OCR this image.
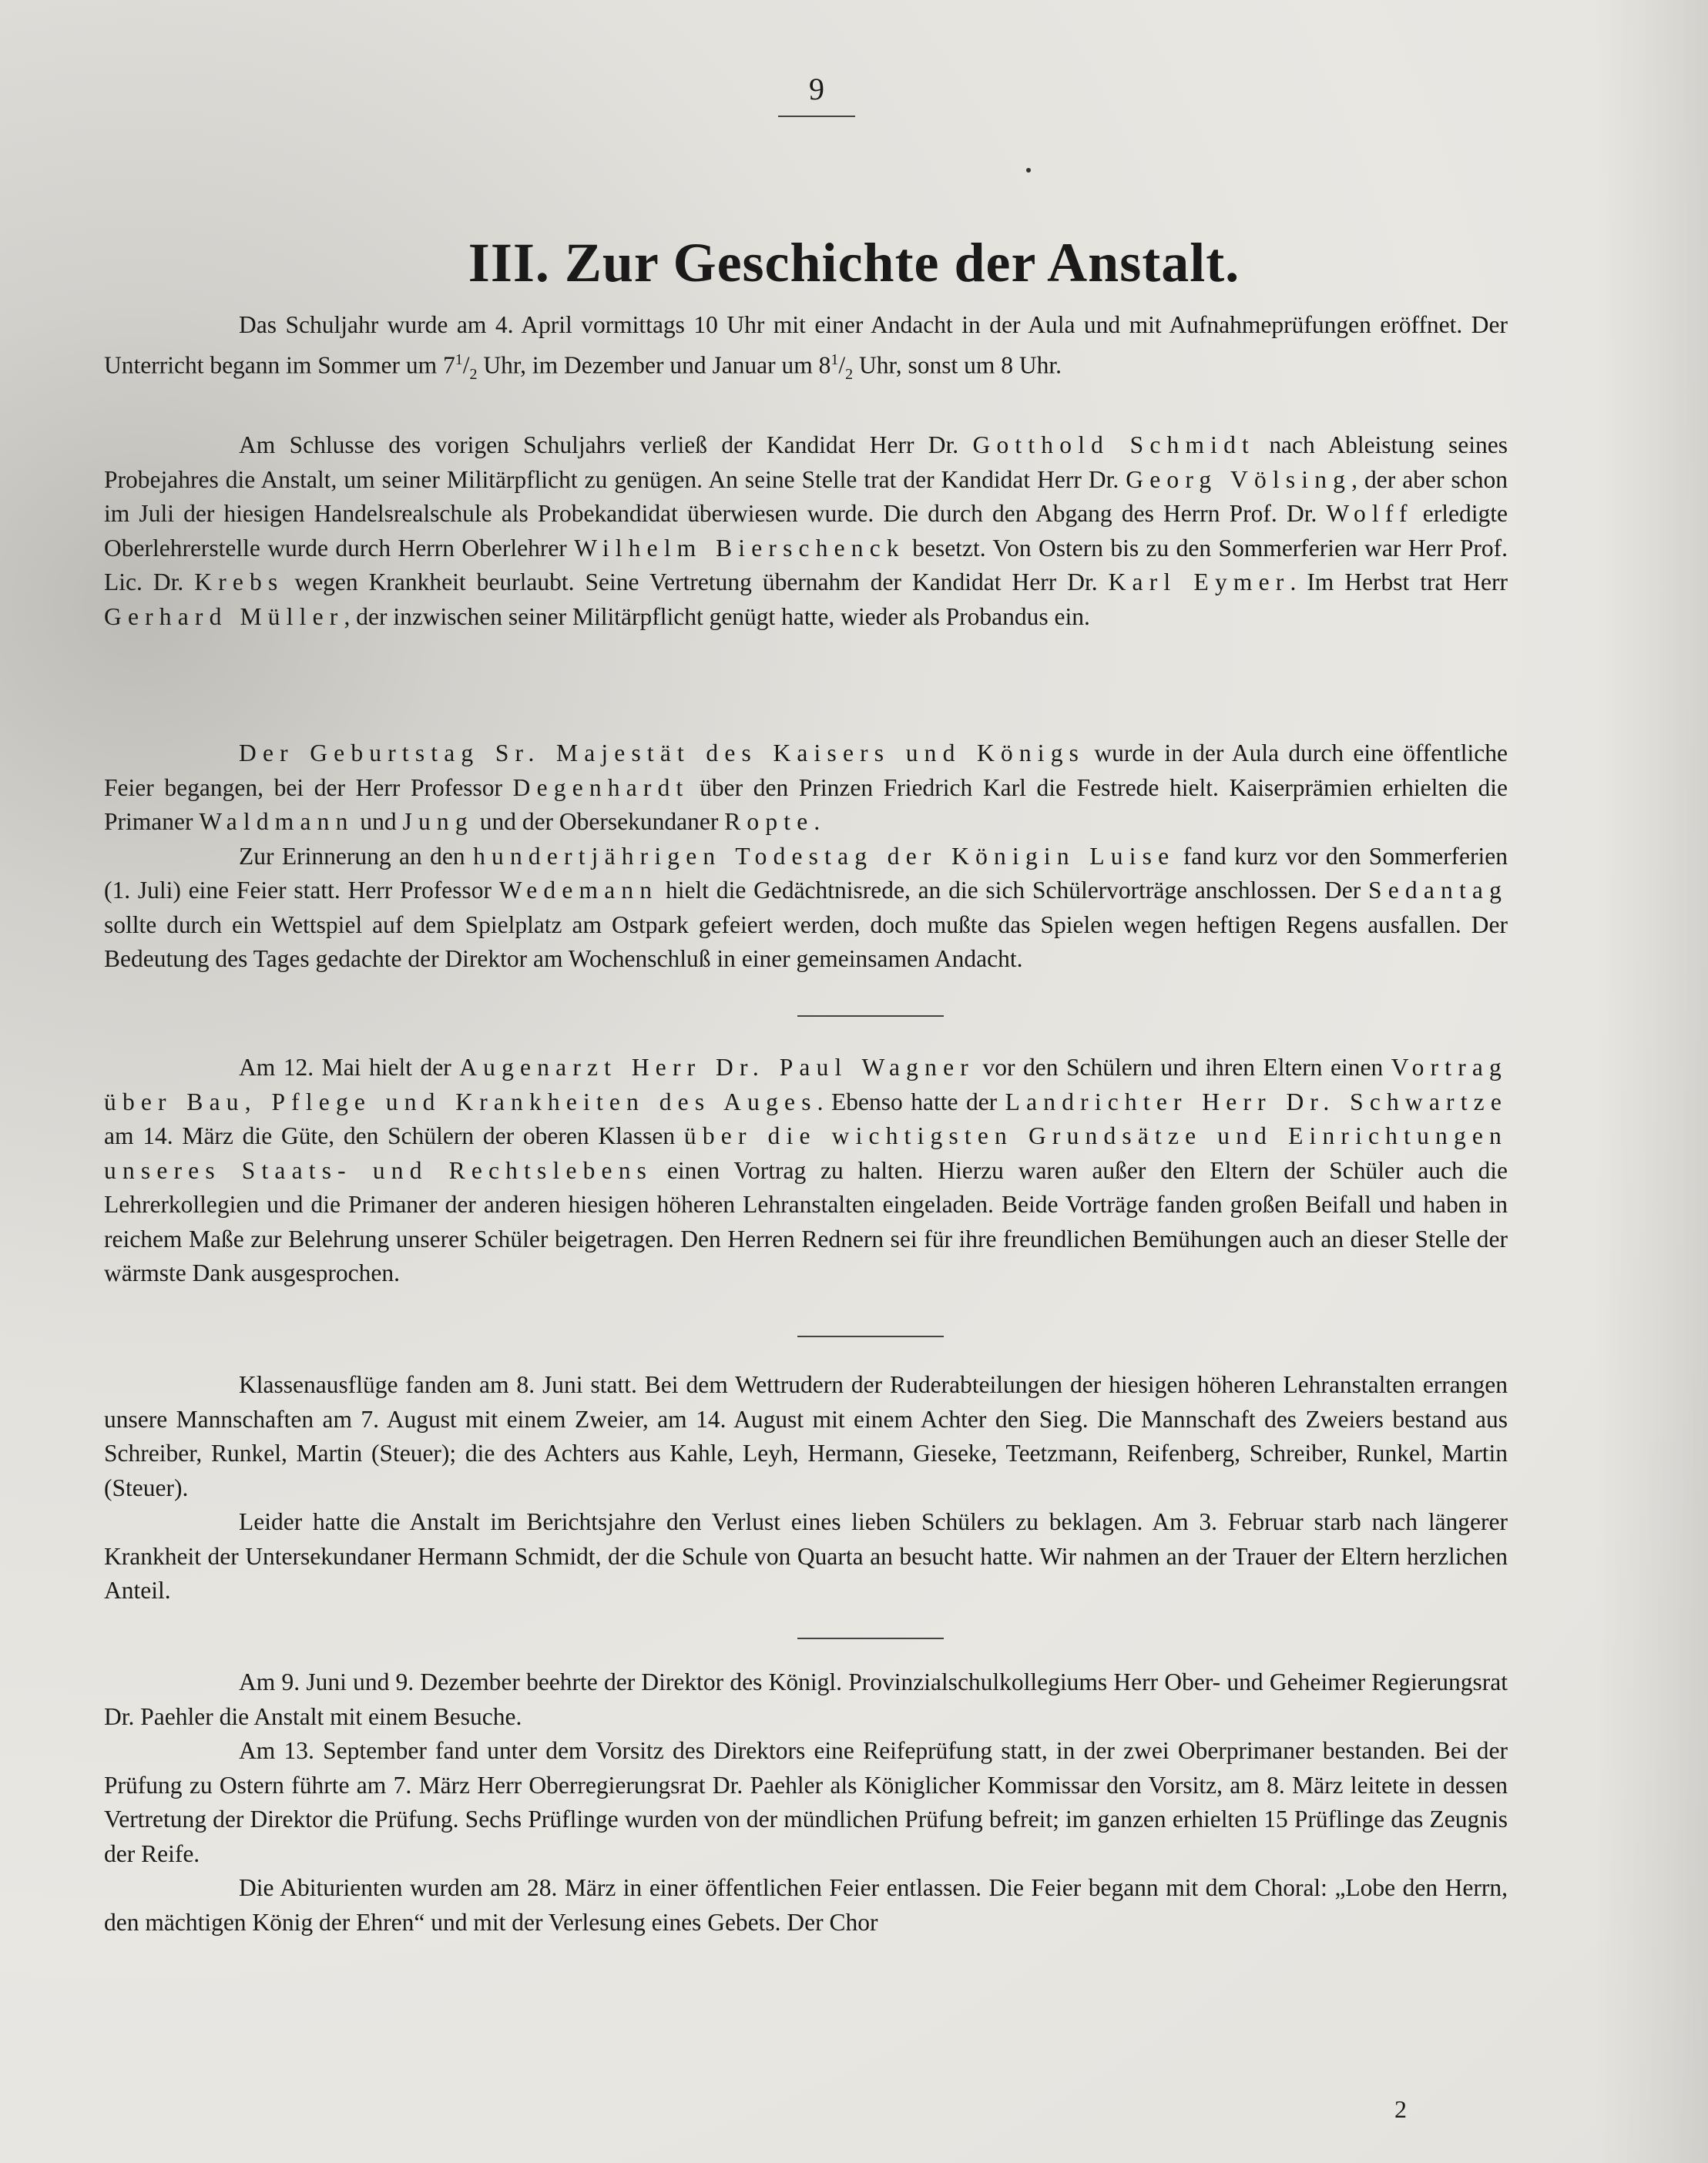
9
III. Zur Geschichte der Anstalt.

Das Schuljahr wurde am 4. April vormittags 10 Uhr mit einer Andacht in der Aula und mit Aufnahmeprüfungen eröffnet. Der Unterricht begann im Sommer um $7^1/_2$ Uhr, im Dezember und Januar um $8^1/_2$ Uhr, sonst um 8 Uhr.

Am Schlusse des vorigen Schuljahrs verließ der Kandidat Herr Dr. Gotthold Schmidt nach Ableistung seines Probejahres die Anstalt, um seiner Militärpflicht zu genügen. An seine Stelle trat der Kandidat Herr Dr. Georg Völsing, der aber schon im Juli der hiesigen Handelsrealschule als Probekandidat überwiesen wurde. Die durch den Abgang des Herrn Prof. Dr. Wolff erledigte Oberlehrerstelle wurde durch Herrn Oberlehrer Wilhelm Bierschenck besetzt. Von Ostern bis zu den Sommerferien war Herr Prof. Lic. Dr. Krebs wegen Krankheit beurlaubt. Seine Vertretung übernahm der Kandidat Herr Dr. Karl Eymer. Im Herbst trat Herr Gerhard Müller, der inzwischen seiner Militärpflicht genügt hatte, wieder als Probandus ein.

Der Geburtstag Sr. Majestät des Kaisers und Königs wurde in der Aula durch eine öffentliche Feier begangen, bei der Herr Professor Degenhardt über den Prinzen Friedrich Karl die Festrede hielt. Kaiserprämien erhielten die Primaner Waldmann und Jung und der Obersekundaner Ropte.

Zur Erinnerung an den hundertjährigen Todestag der Königin Luise fand kurz vor den Sommerferien (1. Juli) eine Feier statt. Herr Professor Wedemann hielt die Gedächtnisrede, an die sich Schülervorträge anschlossen. Der Sedantag sollte durch ein Wettspiel auf dem Spielplatz am Ostpark gefeiert werden, doch mußte das Spielen wegen heftigen Regens ausfallen. Der Bedeutung des Tages gedachte der Direktor am Wochenschluß in einer gemeinsamen Andacht.

Am 12. Mai hielt der Augenarzt Herr Dr. Paul Wagner vor den Schülern und ihren Eltern einen Vortrag über Bau, Pflege und Krankheiten des Auges. Ebenso hatte der Landrichter Herr Dr. Schwartze am 14. März die Güte, den Schülern der oberen Klassen über die wichtigsten Grundsätze und Einrichtungen unseres Staats- und Rechtslebens einen Vortrag zu halten. Hierzu waren außer den Eltern der Schüler auch die Lehrerkollegien und die Primaner der anderen hiesigen höheren Lehranstalten eingeladen. Beide Vorträge fanden großen Beifall und haben in reichem Maße zur Belehrung unserer Schüler beigetragen. Den Herren Rednern sei für ihre freundlichen Bemühungen auch an dieser Stelle der wärmste Dank ausgesprochen.

Klassenausflüge fanden am 8. Juni statt. Bei dem Wettrudern der Ruderabteilungen der hiesigen höheren Lehranstalten errangen unsere Mannschaften am 7. August mit einem Zweier, am 14. August mit einem Achter den Sieg. Die Mannschaft des Zweiers bestand aus Schreiber, Runkel, Martin (Steuer); die des Achters aus Kahle, Leyh, Hermann, Gieseke, Teetzmann, Reifenberg, Schreiber, Runkel, Martin (Steuer).

Leider hatte die Anstalt im Berichtsjahre den Verlust eines lieben Schülers zu beklagen. Am 3. Februar starb nach längerer Krankheit der Untersekundaner Hermann Schmidt, der die Schule von Quarta an besucht hatte. Wir nahmen an der Trauer der Eltern herzlichen Anteil.

Am 9. Juni und 9. Dezember beehrte der Direktor des Königl. Provinzialschulkollegiums Herr Ober- und Geheimer Regierungsrat Dr. Paehler die Anstalt mit einem Besuche.

Am 13. September fand unter dem Vorsitz des Direktors eine Reifeprüfung statt, in der zwei Oberprimaner bestanden. Bei der Prüfung zu Ostern führte am 7. März Herr Oberregierungsrat Dr. Paehler als Königlicher Kommissar den Vorsitz, am 8. März leitete in dessen Vertretung der Direktor die Prüfung. Sechs Prüflinge wurden von der mündlichen Prüfung befreit; im ganzen erhielten 15 Prüflinge das Zeugnis der Reife.

Die Abiturienten wurden am 28. März in einer öffentlichen Feier entlassen. Die Feier begann mit dem Choral: „Lobe den Herrn, den mächtigen König der Ehren“ und mit der Verlesung eines Gebets. Der Chor

2
